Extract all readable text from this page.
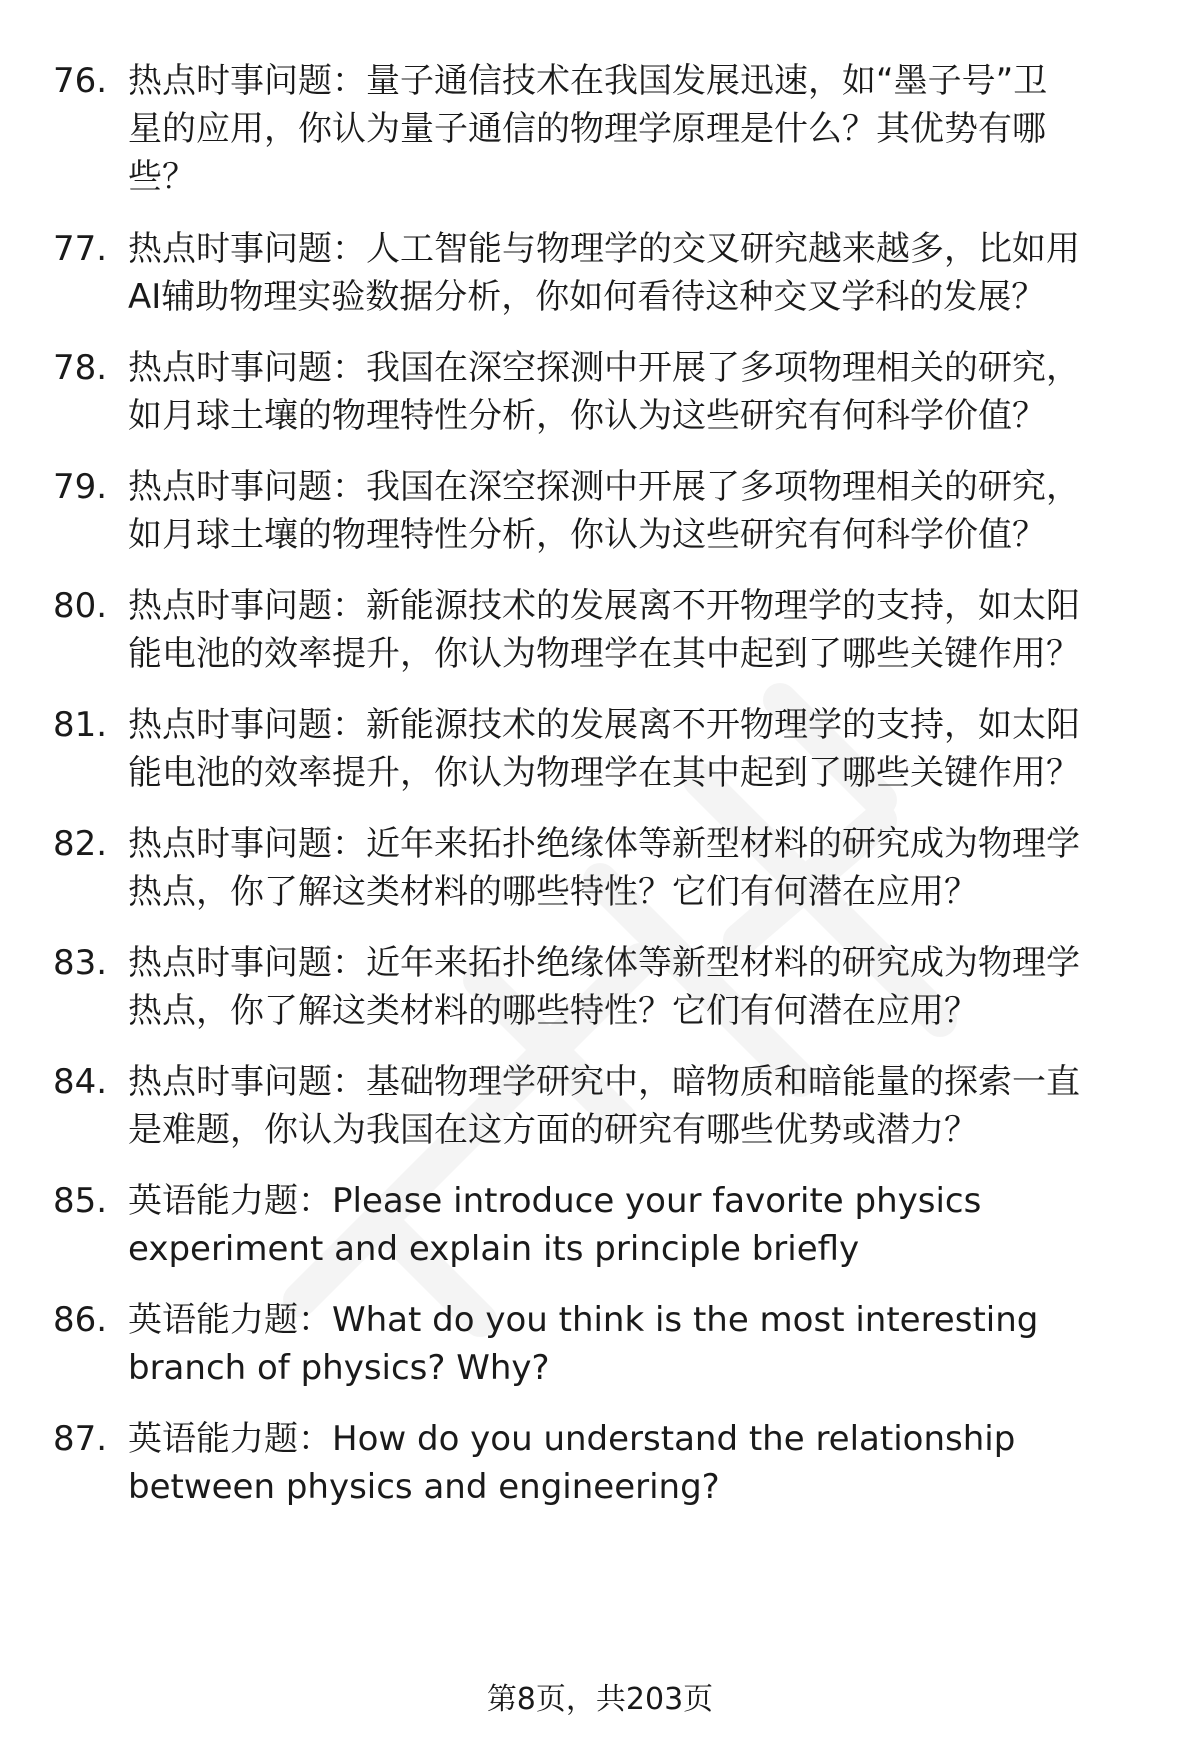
76. 热点时事问题：量子通信技术在我国发展迅速，如“墨子号”卫
星的应用，你认为量子通信的物理学原理是什么？其优势有哪
些？
77. 热点时事问题：人工智能与物理学的交叉研究越来越多，比如用
AI辅助物理实验数据分析，你如何看待这种交叉学科的发展？
78. 热点时事问题：我国在深空探测中开展了多项物理相关的研究，
如月球土壤的物理特性分析，你认为这些研究有何科学价值？
79. 热点时事问题：我国在深空探测中开展了多项物理相关的研究，
如月球土壤的物理特性分析，你认为这些研究有何科学价值？
80. 热点时事问题：新能源技术的发展离不开物理学的支持，如太阳
能电池的效率提升，你认为物理学在其中起到了哪些关键作用？
81. 热点时事问题：新能源技术的发展离不开物理学的支持，如太阳
能电池的效率提升，你认为物理学在其中起到了哪些关键作用？
82. 热点时事问题：近年来拓扑绝缘体等新型材料的研究成为物理学
热点，你了解这类材料的哪些特性？它们有何潜在应用？
83. 热点时事问题：近年来拓扑绝缘体等新型材料的研究成为物理学
热点，你了解这类材料的哪些特性？它们有何潜在应用？
84. 热点时事问题：基础物理学研究中，暗物质和暗能量的探索一直
是难题，你认为我国在这方面的研究有哪些优势或潜力？
85. 英语能力题：Please introduce your favorite physics
experiment and explain its principle briefly
86. 英语能力题：What do you think is the most interesting
branch of physics? Why?
87. 英语能力题：How do you understand the relationship
between physics and engineering?
第8页，共203页
